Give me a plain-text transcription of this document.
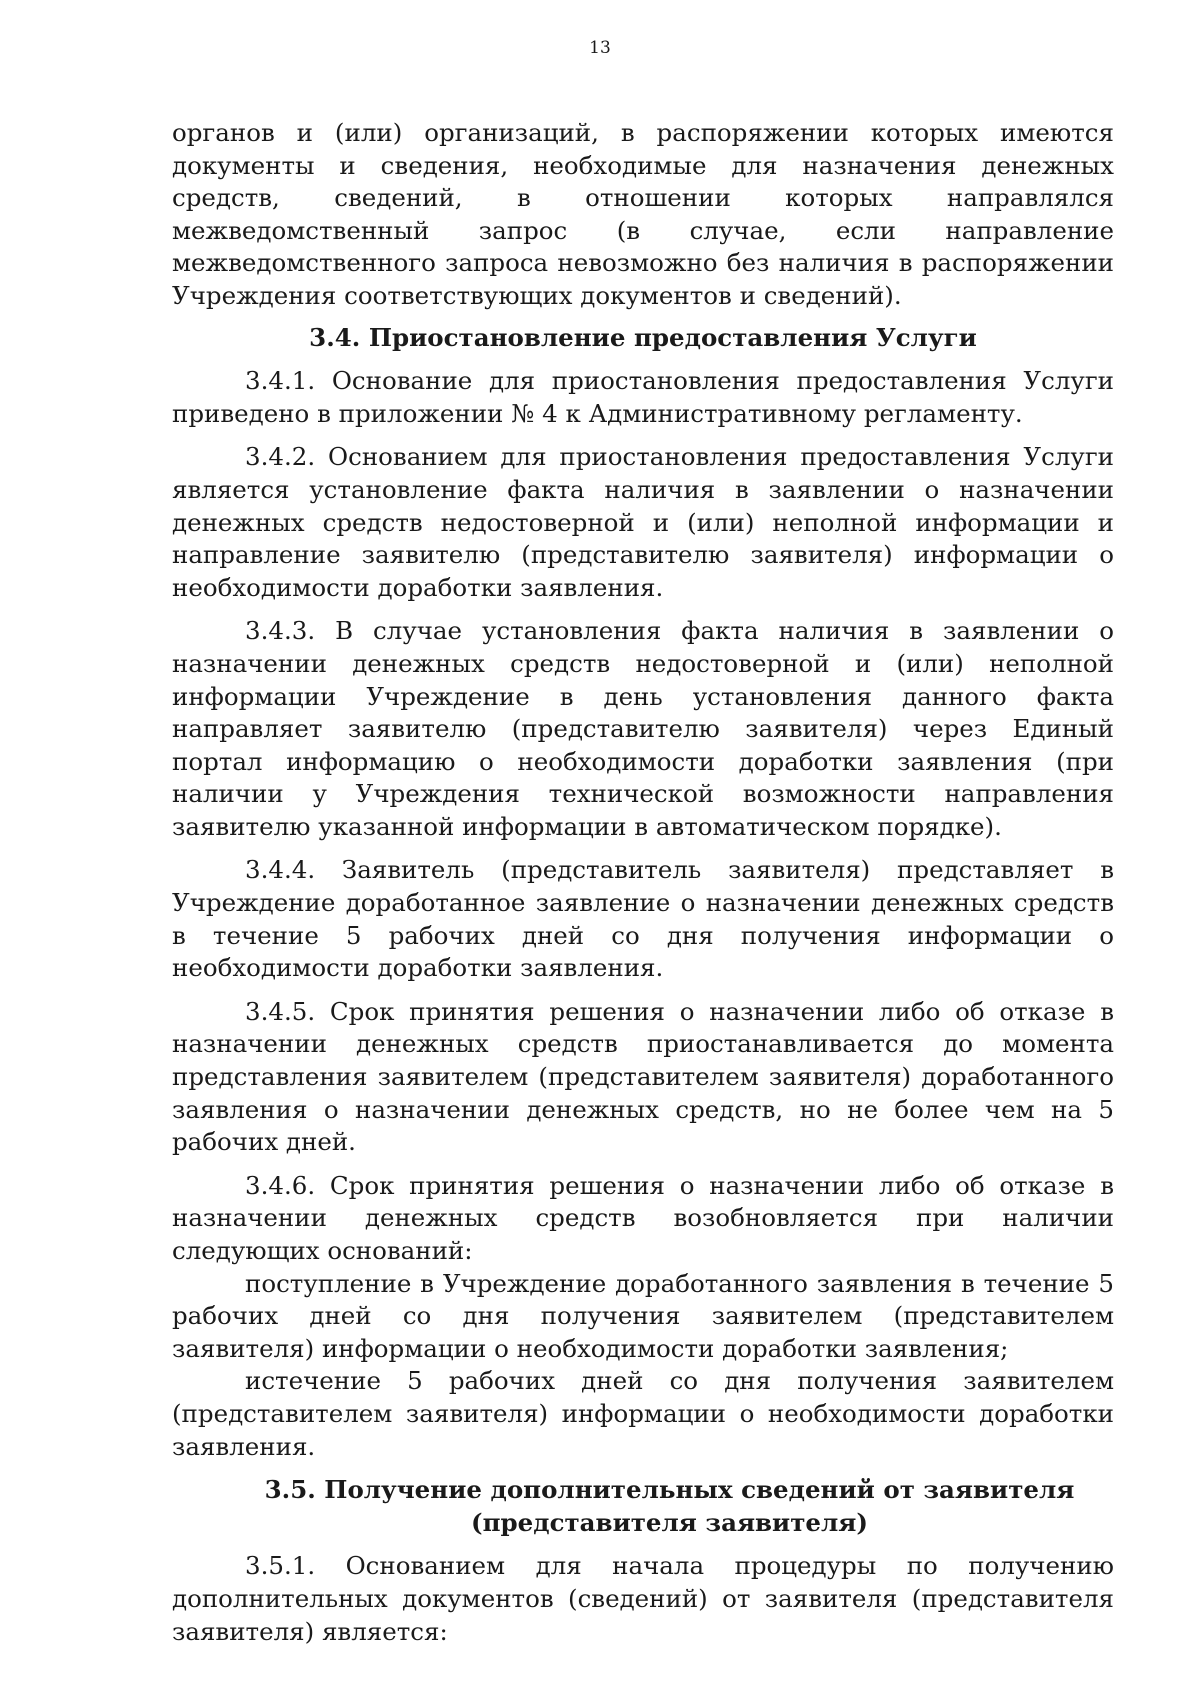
13

органов и (или) организаций, в распоряжении которых имеются документы и сведения, необходимые для назначения денежных средств, сведений, в отношении которых направлялся межведомственный запрос (в случае, если направление межведомственного запроса невозможно без наличия в распоряжении Учреждения соответствующих документов и сведений).

3.4. Приостановление предоставления Услуги

3.4.1. Основание для приостановления предоставления Услуги приведено в приложении № 4 к Административному регламенту.

3.4.2. Основанием для приостановления предоставления Услуги является установление факта наличия в заявлении о назначении денежных средств недостоверной и (или) неполной информации и направление заявителю (представителю заявителя) информации о необходимости доработки заявления.

3.4.3. В случае установления факта наличия в заявлении о назначении денежных средств недостоверной и (или) неполной информации Учреждение в день установления данного факта направляет заявителю (представителю заявителя) через Единый портал информацию о необходимости доработки заявления (при наличии у Учреждения технической возможности направления заявителю указанной информации в автоматическом порядке).

3.4.4. Заявитель (представитель заявителя) представляет в Учреждение доработанное заявление о назначении денежных средств в течение 5 рабочих дней со дня получения информации о необходимости доработки заявления.

3.4.5. Срок принятия решения о назначении либо об отказе в назначении денежных средств приостанавливается до момента представления заявителем (представителем заявителя) доработанного заявления о назначении денежных средств, но не более чем на 5 рабочих дней.

3.4.6. Срок принятия решения о назначении либо об отказе в назначении денежных средств возобновляется при наличии следующих оснований:

поступление в Учреждение доработанного заявления в течение 5 рабочих дней со дня получения заявителем (представителем заявителя) информации о необходимости доработки заявления;

истечение 5 рабочих дней со дня получения заявителем (представителем заявителя) информации о необходимости доработки заявления.

3.5. Получение дополнительных сведений от заявителя
(представителя заявителя)

3.5.1. Основанием для начала процедуры по получению дополнительных документов (сведений) от заявителя (представителя заявителя) является:
